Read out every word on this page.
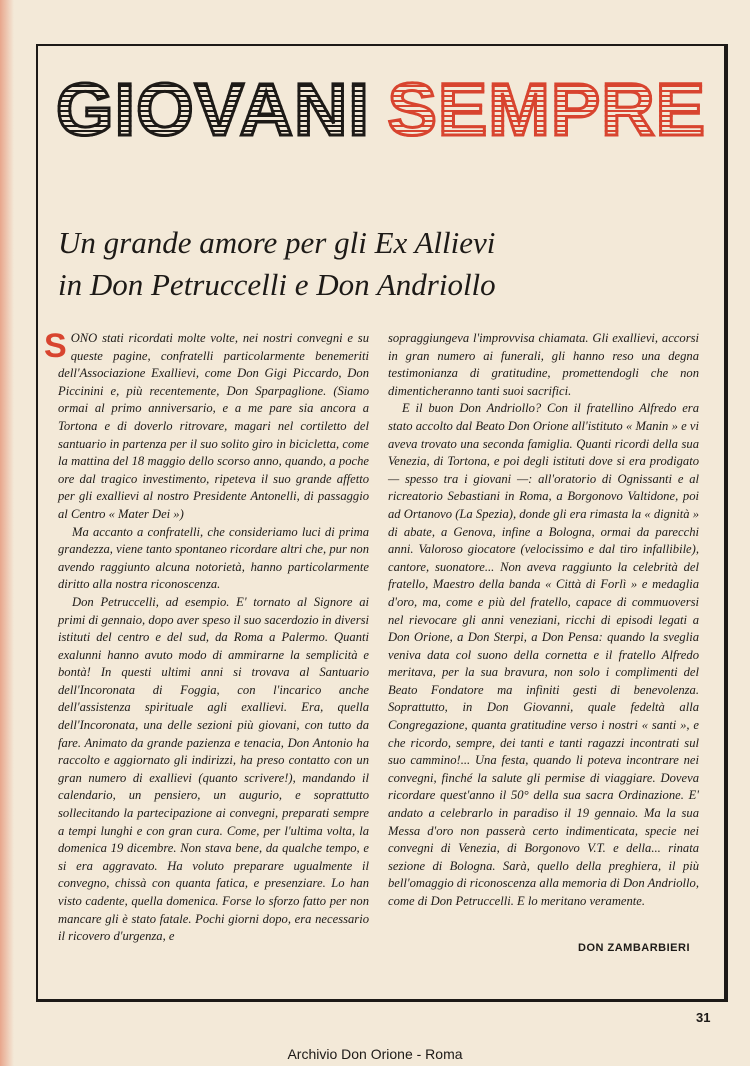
GIOVANI SEMPRE
Un grande amore per gli Ex Allievi
in Don Petruccelli e Don Andriollo

SONO stati ricordati molte volte, nei nostri convegni e su queste pagine, confratelli particolarmente benemeriti dell'Associazione Exallievi, come Don Gigi Piccardo, Don Piccinini e, più recentemente, Don Sparpaglione. (Siamo ormai al primo anniversario, e a me pare sia ancora a Tortona e di doverlo ritrovare, magari nel cortiletto del santuario in partenza per il suo solito giro in bicicletta, come la mattina del 18 maggio dello scorso anno, quando, a poche ore dal tragico investimento, ripeteva il suo grande affetto per gli exallievi al nostro Presidente Antonelli, di passaggio al Centro « Mater Dei »)

Ma accanto a confratelli, che consideriamo luci di prima grandezza, viene tanto spontaneo ricordare altri che, pur non avendo raggiunto alcuna notorietà, hanno particolarmente diritto alla nostra riconoscenza.

Don Petruccelli, ad esempio. E' tornato al Signore ai primi di gennaio, dopo aver speso il suo sacerdozio in diversi istituti del centro e del sud, da Roma a Palermo. Quanti exalunni hanno avuto modo di ammirarne la semplicità e bontà! In questi ultimi anni si trovava al Santuario dell'Incoronata di Foggia, con l'incarico anche dell'assistenza spirituale agli exallievi. Era, quella dell'Incoronata, una delle sezioni più giovani, con tutto da fare. Animato da grande pazienza e tenacia, Don Antonio ha raccolto e aggiornato gli indirizzi, ha preso contatto con un gran numero di exallievi (quanto scrivere!), mandando il calendario, un pensiero, un augurio, e soprattutto sollecitando la partecipazione ai convegni, preparati sempre a tempi lunghi e con gran cura. Come, per l'ultima volta, la domenica 19 dicembre. Non stava bene, da qualche tempo, e si era aggravato. Ha voluto preparare ugualmente il convegno, chissà con quanta fatica, e presenziare. Lo han visto cadente, quella domenica. Forse lo sforzo fatto per non mancare gli è stato fatale. Pochi giorni dopo, era necessario il ricovero d'urgenza, e

sopraggiungeva l'improvvisa chiamata. Gli exallievi, accorsi in gran numero ai funerali, gli hanno reso una degna testimonianza di gratitudine, promettendogli che non dimenticheranno tanti suoi sacrifici.

E il buon Don Andriollo? Con il fratellino Alfredo era stato accolto dal Beato Don Orione all'istituto « Manin » e vi aveva trovato una seconda famiglia. Quanti ricordi della sua Venezia, di Tortona, e poi degli istituti dove si era prodigato — spesso tra i giovani —: all'oratorio di Ognissanti e al ricreatorio Sebastiani in Roma, a Borgonovo Valtidone, poi ad Ortanovo (La Spezia), donde gli era rimasta la « dignità » di abate, a Genova, infine a Bologna, ormai da parecchi anni. Valoroso giocatore (velocissimo e dal tiro infallibile), cantore, suonatore... Non aveva raggiunto la celebrità del fratello, Maestro della banda « Città di Forlì » e medaglia d'oro, ma, come e più del fratello, capace di commuoversi nel rievocare gli anni veneziani, ricchi di episodi legati a Don Orione, a Don Sterpi, a Don Pensa: quando la sveglia veniva data col suono della cornetta e il fratello Alfredo meritava, per la sua bravura, non solo i complimenti del Beato Fondatore ma infiniti gesti di benevolenza. Soprattutto, in Don Giovanni, quale fedeltà alla Congregazione, quanta gratitudine verso i nostri « santi », e che ricordo, sempre, dei tanti e tanti ragazzi incontrati sul suo cammino!... Una festa, quando li poteva incontrare nei convegni, finché la salute gli permise di viaggiare. Doveva ricordare quest'anno il 50° della sua sacra Ordinazione. E' andato a celebrarlo in paradiso il 19 gennaio. Ma la sua Messa d'oro non passerà certo indimenticata, specie nei convegni di Venezia, di Borgonovo V.T. e della... rinata sezione di Bologna. Sarà, quello della preghiera, il più bell'omaggio di riconoscenza alla memoria di Don Andriollo, come di Don Petruccelli. E lo meritano veramente.

DON ZAMBARBIERI
31
Archivio Don Orione - Roma
